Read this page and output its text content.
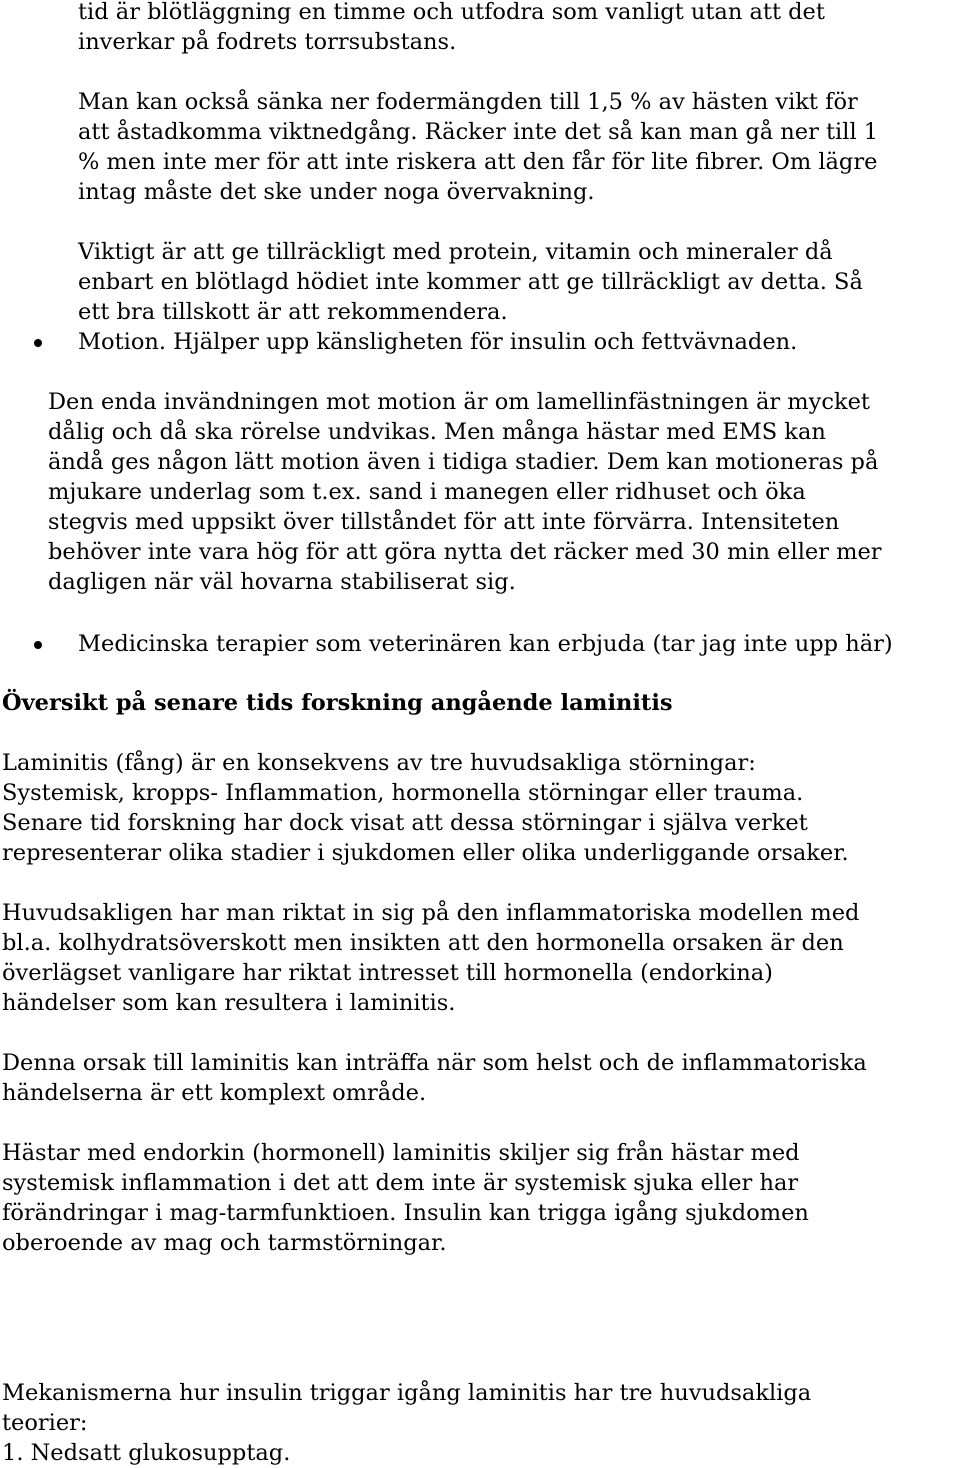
tid är blötläggning en timme och utfodra som vanligt utan att det
inverkar på fodrets torrsubstans.
Man kan också sänka ner fodermängden till 1,5 % av hästen vikt för
att åstadkomma viktnedgång. Räcker inte det så kan man gå ner till 1
% men inte mer för att inte riskera att den får för lite fibrer. Om lägre
intag måste det ske under noga övervakning.
Viktigt är att ge tillräckligt med protein, vitamin och mineraler då
enbart en blötlagd hödiet inte kommer att ge tillräckligt av detta. Så
ett bra tillskott är att rekommendera.

Motion. Hjälper upp känsligheten för insulin och fettvävnaden.

Den enda invändningen mot motion är om lamellinfästningen är mycket
dålig och då ska rörelse undvikas. Men många hästar med EMS kan
ändå ges någon lätt motion även i tidiga stadier. Dem kan motioneras på
mjukare underlag som t.ex. sand i manegen eller ridhuset och öka
stegvis med uppsikt över tillståndet för att inte förvärra. Intensiteten
behöver inte vara hög för att göra nytta det räcker med 30 min eller mer
dagligen när väl hovarna stabiliserat sig.

Medicinska terapier som veterinären kan erbjuda (tar jag inte upp här)

Översikt på senare tids forskning angående laminitis

Laminitis (fång) är en konsekvens av tre huvudsakliga störningar:
Systemisk, kropps- Inflammation, hormonella störningar eller trauma.
Senare tid forskning har dock visat att dessa störningar i själva verket
representerar olika stadier i sjukdomen eller olika underliggande orsaker.
Huvudsakligen har man riktat in sig på den inflammatoriska modellen med
bl.a. kolhydratsöverskott men insikten att den hormonella orsaken är den
överlägset vanligare har riktat intresset till hormonella (endorkina)
händelser som kan resultera i laminitis.
Denna orsak till laminitis kan inträffa när som helst och de inflammatoriska
händelserna är ett komplext område.
Hästar med endorkin (hormonell) laminitis skiljer sig från hästar med
systemisk inflammation i det att dem inte är systemisk sjuka eller har
förändringar i mag-tarmfunktioen. Insulin kan trigga igång sjukdomen
oberoende av mag och tarmstörningar.
Mekanismerna hur insulin triggar igång laminitis har tre huvudsakliga
teorier:
1. Nedsatt glukosupptag.
